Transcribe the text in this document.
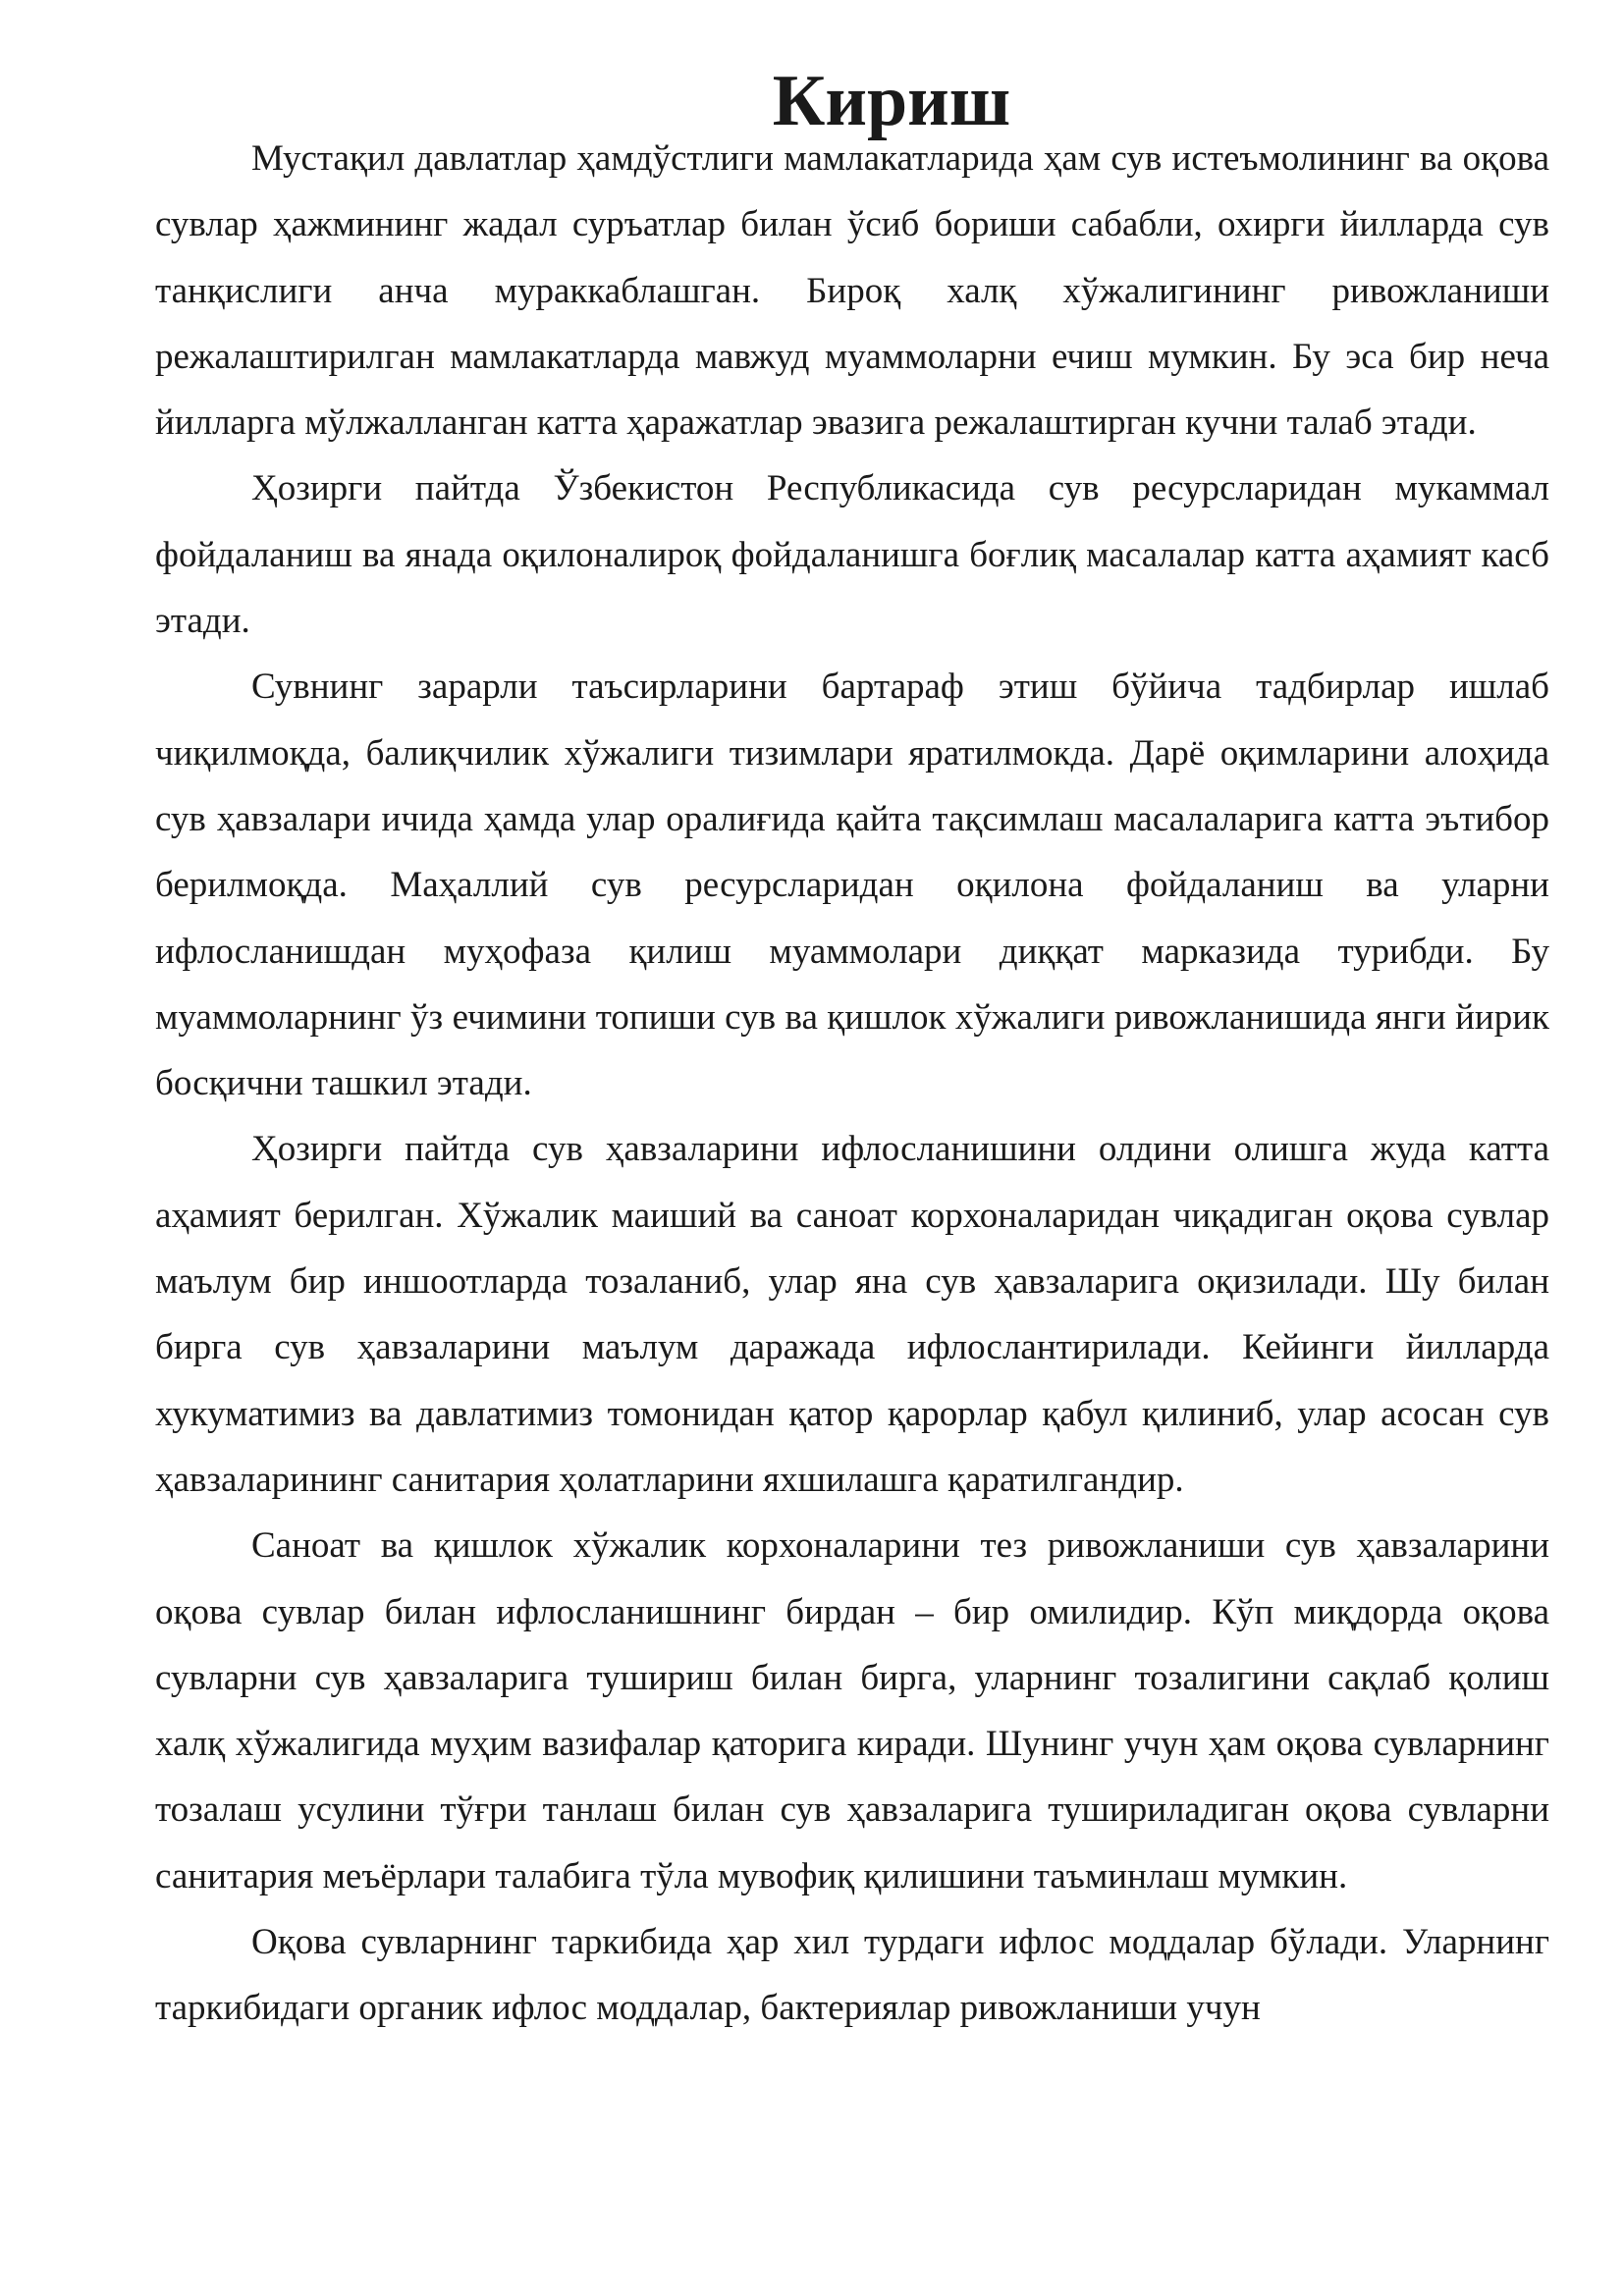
Кириш

Мустақил давлатлар ҳамдўстлиги мамлакатларида ҳам сув истеъмолининг ва оқова сувлар ҳажмининг жадал суръатлар билан ўсиб бориши сабабли, охирги йилларда сув танқислиги анча мураккаблашган. Бироқ халқ хўжалигининг ривожланиши режалаштирилган мамлакатларда мавжуд муаммоларни ечиш мумкин. Бу эса бир неча йилларга мўлжалланган катта ҳаражатлар эвазига режалаштирган кучни талаб этади.

Ҳозирги пайтда Ўзбекистон Республикасида сув ресурсларидан мукаммал фойдаланиш ва янада оқилоналироқ фойдаланишга боғлиқ масалалар катта аҳамият касб этади.

Сувнинг зарарли таъсирларини бартараф этиш бўйича тадбирлар ишлаб чиқилмоқда, балиқчилик хўжалиги тизимлари яратилмокда. Дарё оқимларини алоҳида сув ҳавзалари ичида ҳамда улар оралиғида қайта тақсимлаш масалаларига катта эътибор берилмоқда. Маҳаллий сув ресурсларидан оқилона фойдаланиш ва уларни ифлосланишдан муҳофаза қилиш муаммолари диққат марказида турибди. Бу муаммоларнинг ўз ечимини топиши сув ва қишлок хўжалиги ривожланишида янги йирик босқични ташкил этади.

Ҳозирги пайтда сув ҳавзаларини ифлосланишини олдини олишга жуда катта аҳамият берилган. Хўжалик маиший ва саноат корхоналаридан чиқадиган оқова сувлар маълум бир иншоотларда тозаланиб, улар яна сув ҳавзаларига оқизилади. Шу билан бирга сув ҳавзаларини маълум даражада ифлослантирилади. Кейинги йилларда хукуматимиз ва давлатимиз томонидан қатор қарорлар қабул қилиниб, улар асосан сув ҳавзаларининг санитария ҳолатларини яхшилашга қаратилгандир.

Саноат ва қишлок хўжалик корхоналарини тез ривожланиши сув ҳавзаларини оқова сувлар билан ифлосланишнинг бирдан – бир омилидир. Кўп миқдорда оқова сувларни сув ҳавзаларига тушириш билан бирга, уларнинг тозалигини сақлаб қолиш халқ хўжалигида муҳим вазифалар қаторига киради. Шунинг учун ҳам оқова сувларнинг тозалаш усулини тўғри танлаш билан сув ҳавзаларига тушириладиган оқова сувларни санитария меъёрлари талабига тўла мувофиқ қилишини таъминлаш мумкин.

Оқова сувларнинг таркибида ҳар хил турдаги ифлос моддалар бўлади. Уларнинг таркибидаги органик ифлос моддалар, бактериялар ривожланиши учун
